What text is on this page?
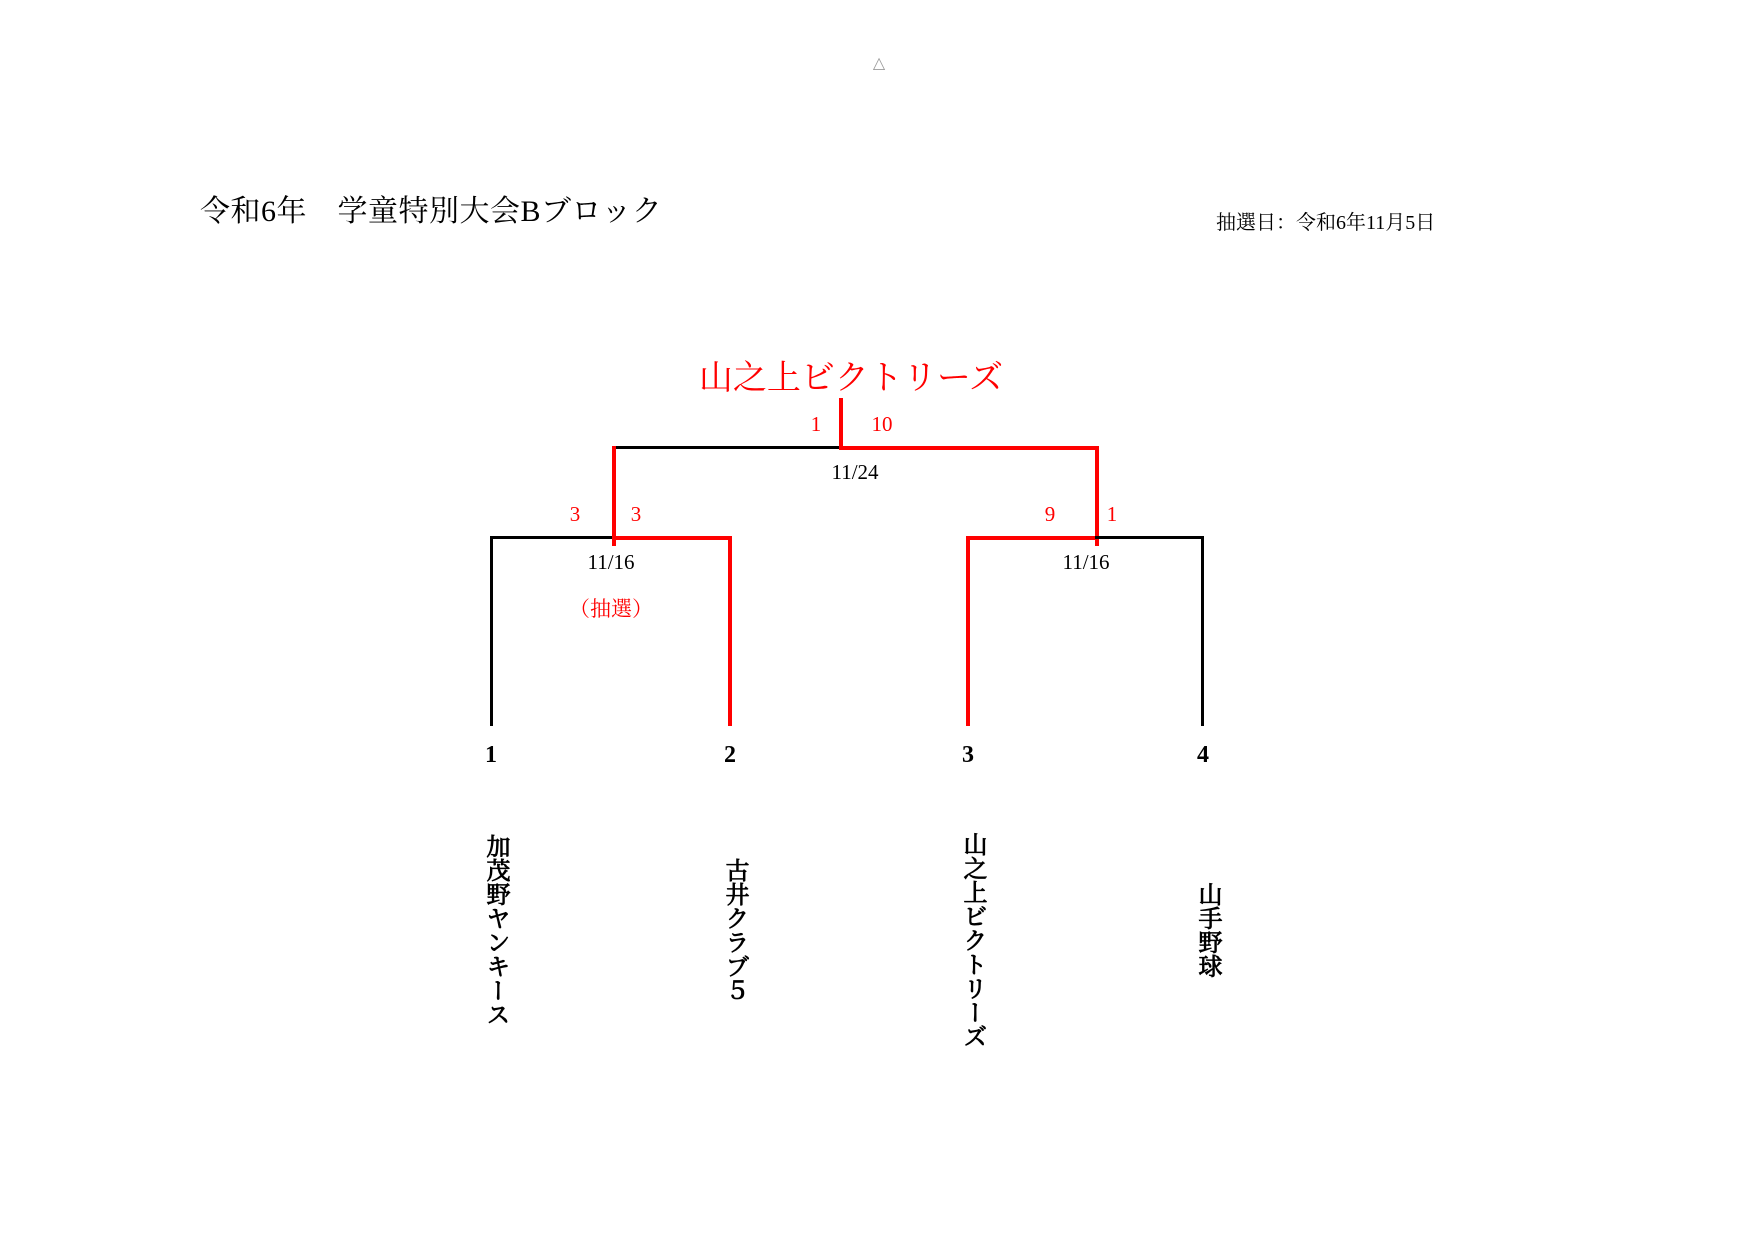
△
令和6年　学童特別大会Bブロック	抽選日：令和6年11月5日
山之上ビクトリーズ
1	10
11/24
3	3
11/16
（抽選）
9	1
11/16
1
加茂野ヤンキース
2
古井クラブ５
3
山之上ビクトリーズ
4
山手野球
